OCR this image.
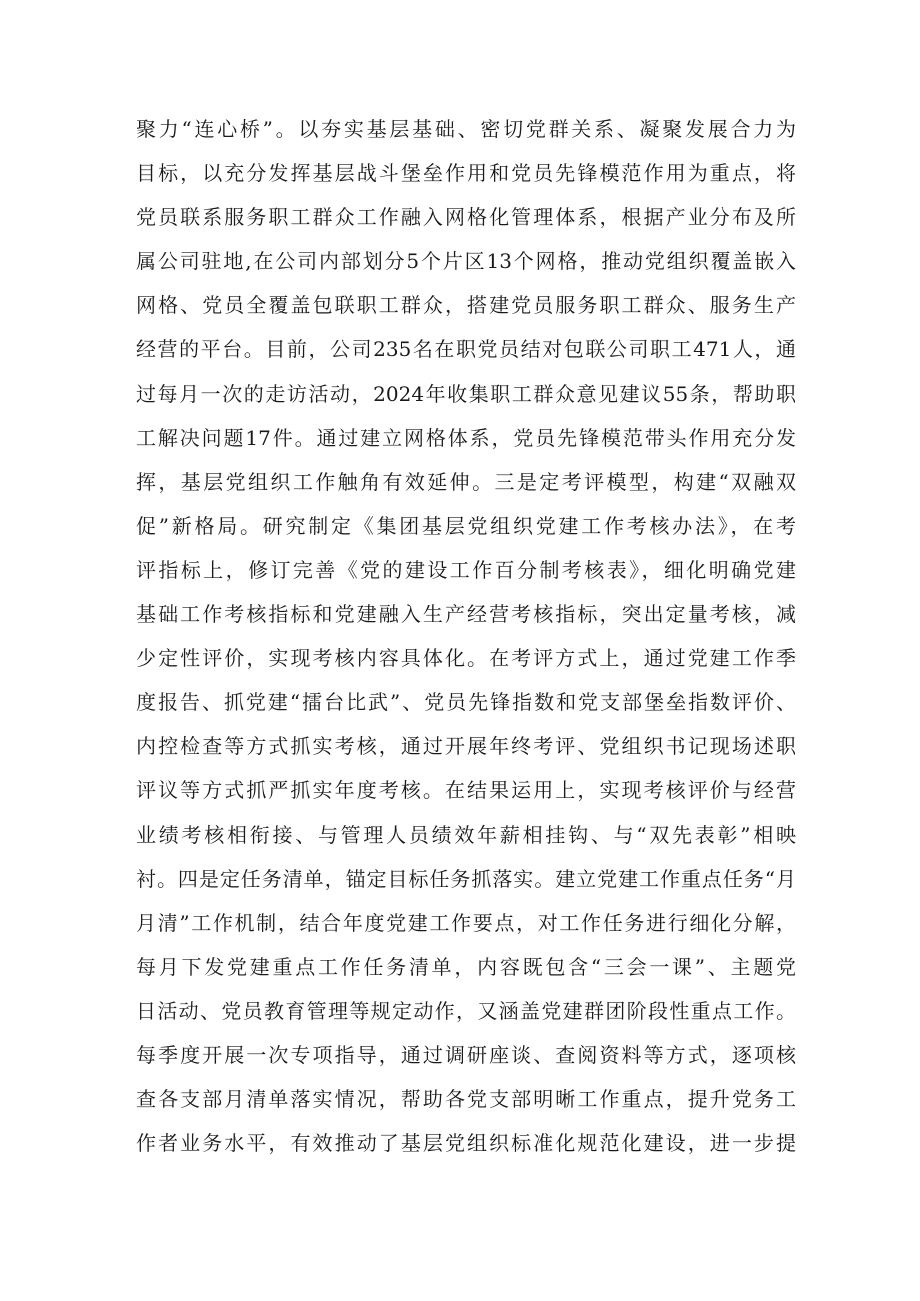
聚力“连心桥”。以夯实基层基础、密切党群关系、凝聚发展合力为
目标，以充分发挥基层战斗堡垒作用和党员先锋模范作用为重点，将
党员联系服务职工群众工作融入网格化管理体系，根据产业分布及所
属公司驻地,在公司内部划分5个片区13个网格，推动党组织覆盖嵌入
网格、党员全覆盖包联职工群众，搭建党员服务职工群众、服务生产
经营的平台。目前，公司235名在职党员结对包联公司职工471人，通
过每月一次的走访活动，2024年收集职工群众意见建议55条，帮助职
工解决问题17件。通过建立网格体系，党员先锋模范带头作用充分发
挥，基层党组织工作触角有效延伸。三是定考评模型，构建“双融双
促”新格局。研究制定《集团基层党组织党建工作考核办法》，在考
评指标上，修订完善《党的建设工作百分制考核表》，细化明确党建
基础工作考核指标和党建融入生产经营考核指标，突出定量考核，减
少定性评价，实现考核内容具体化。在考评方式上，通过党建工作季
度报告、抓党建“擂台比武”、党员先锋指数和党支部堡垒指数评价、
内控检查等方式抓实考核，通过开展年终考评、党组织书记现场述职
评议等方式抓严抓实年度考核。在结果运用上，实现考核评价与经营
业绩考核相衔接、与管理人员绩效年薪相挂钩、与“双先表彰”相映
衬。四是定任务清单，锚定目标任务抓落实。建立党建工作重点任务“月
月清”工作机制，结合年度党建工作要点，对工作任务进行细化分解，
每月下发党建重点工作任务清单，内容既包含“三会一课”、主题党
日活动、党员教育管理等规定动作，又涵盖党建群团阶段性重点工作。
每季度开展一次专项指导，通过调研座谈、查阅资料等方式，逐项核
查各支部月清单落实情况，帮助各党支部明晰工作重点，提升党务工
作者业务水平，有效推动了基层党组织标准化规范化建设，进一步提
